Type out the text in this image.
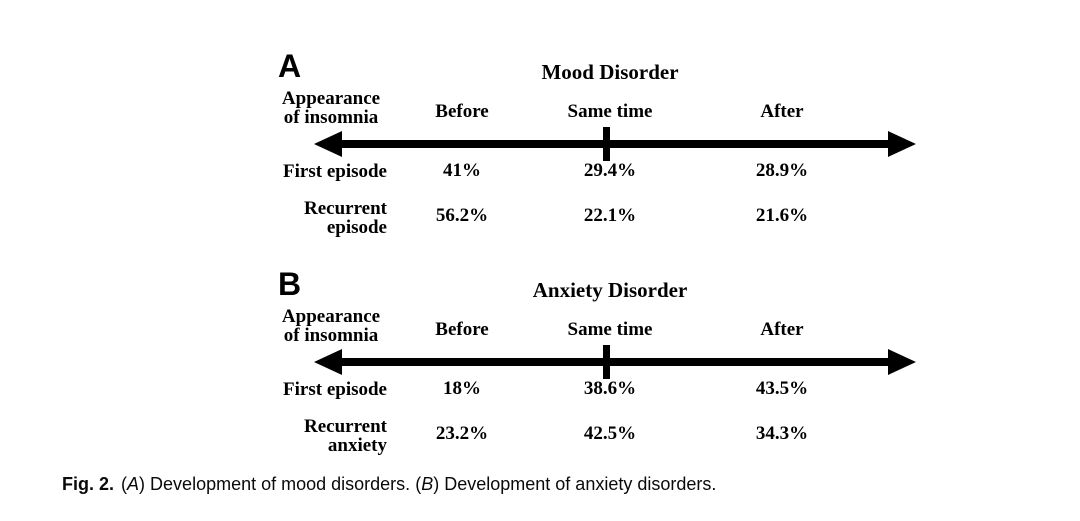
A	Mood Disorder
Appearance
of insomnia	Before	Same time	After
First episode	41%	29.4%	28.9%
Recurrent
episode
56.2%	22.1%	21.6%
B	Anxiety Disorder
Appearance
of insomnia	Before	Same time	After
First episode	18%	38.6%	43.5%
Recurrent
anxiety
23.2%	42.5%	34.3%
Fig. 2. (A) Development of mood disorders. (B) Development of anxiety disorders.
